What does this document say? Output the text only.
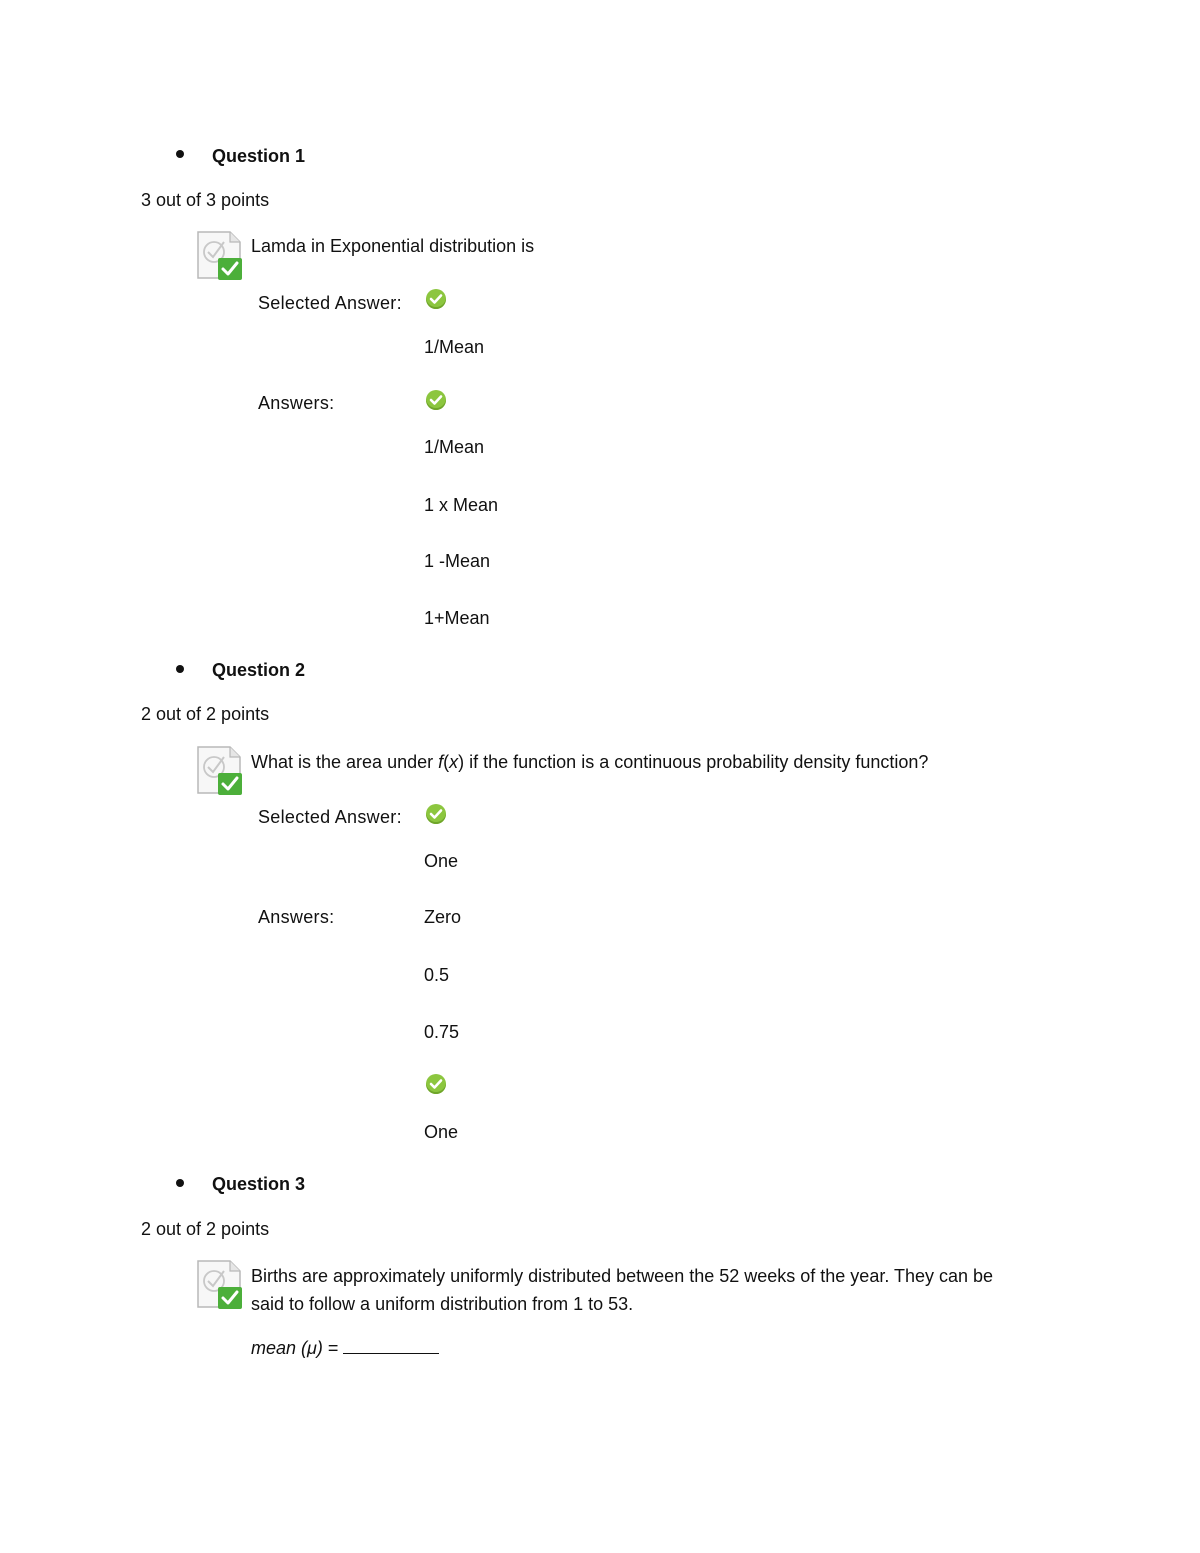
Question 1
3 out of 3 points
Lamda in Exponential distribution is
Selected Answer:
1/Mean
Answers:
1/Mean
1 x Mean
1 -Mean
1+Mean
Question 2
2 out of 2 points
What is the area under f(x) if the function is a continuous probability density function?
Selected Answer:
One
Answers:	Zero
0.5
0.75
One
Question 3
2 out of 2 points
Births are approximately uniformly distributed between the 52 weeks of the year. They can be
said to follow a uniform distribution from 1 to 53.
mean (μ) =
